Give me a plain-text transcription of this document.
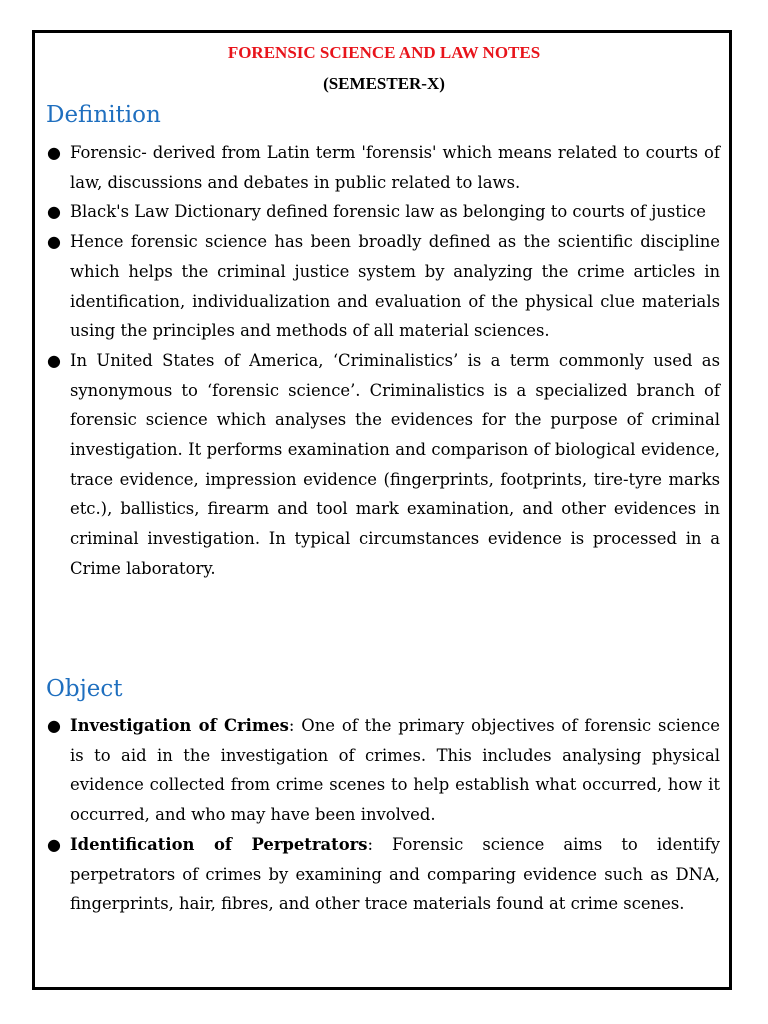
FORENSIC SCIENCE AND LAW NOTES
(SEMESTER-X)
Definition
● Forensic- derived from Latin term 'forensis' which means related to courts of law, discussions and debates in public related to laws.
● Black's Law Dictionary defined forensic law as belonging to courts of justice
● Hence forensic science has been broadly defined as the scientific discipline which helps the criminal justice system by analyzing the crime articles in identification, individualization and evaluation of the physical clue materials using the principles and methods of all material sciences.
● In United States of America, ‘Criminalistics’ is a term commonly used as synonymous to ‘forensic science’. Criminalistics is a specialized branch of forensic science which analyses the evidences for the purpose of criminal investigation. It performs examination and comparison of biological evidence, trace evidence, impression evidence (fingerprints, footprints, tire-tyre marks etc.), ballistics, firearm and tool mark examination, and other evidences in criminal investigation. In typical circumstances evidence is processed in a Crime laboratory.
Object
● Investigation of Crimes: One of the primary objectives of forensic science is to aid in the investigation of crimes. This includes analysing physical evidence collected from crime scenes to help establish what occurred, how it occurred, and who may have been involved.
● Identification of Perpetrators: Forensic science aims to identify perpetrators of crimes by examining and comparing evidence such as DNA, fingerprints, hair, fibres, and other trace materials found at crime scenes.
